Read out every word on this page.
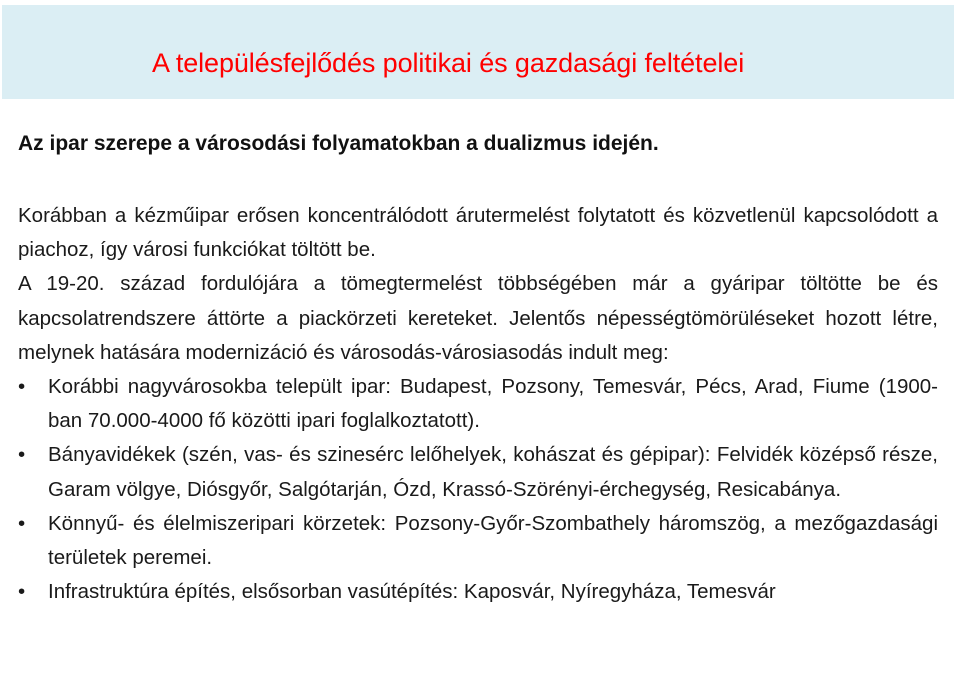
A településfejlődés politikai és gazdasági feltételei
Az ipar szerepe a városodási folyamatokban a dualizmus idején.

Korábban a kézműipar erősen koncentrálódott árutermelést folytatott és közvetlenül kapcsolódott a piachoz, így városi funkciókat töltött be.

A 19-20. század fordulójára a tömegtermelést többségében már a gyáripar töltötte be és kapcsolatrendszere áttörte a piackörzeti kereteket. Jelentős népességtömörüléseket hozott létre, melynek hatására modernizáció és városodás-városiasodás indult meg:

•	Korábbi nagyvárosokba települt ipar: Budapest, Pozsony, Temesvár, Pécs, Arad, Fiume (1900-ban 70.000-4000 fő közötti ipari foglalkoztatott).
•	Bányavidékek (szén, vas- és szinesérc lelőhelyek, kohászat és gépipar): Felvidék középső része, Garam völgye, Diósgyőr, Salgótarján, Ózd, Krassó-Szörényi-érchegység, Resicabánya.
•	Könnyű- és élelmiszeripari körzetek: Pozsony-Győr-Szombathely háromszög, a mezőgazdasági területek peremei.
•	Infrastruktúra építés, elsősorban vasútépítés: Kaposvár, Nyíregyháza, Temesvár
